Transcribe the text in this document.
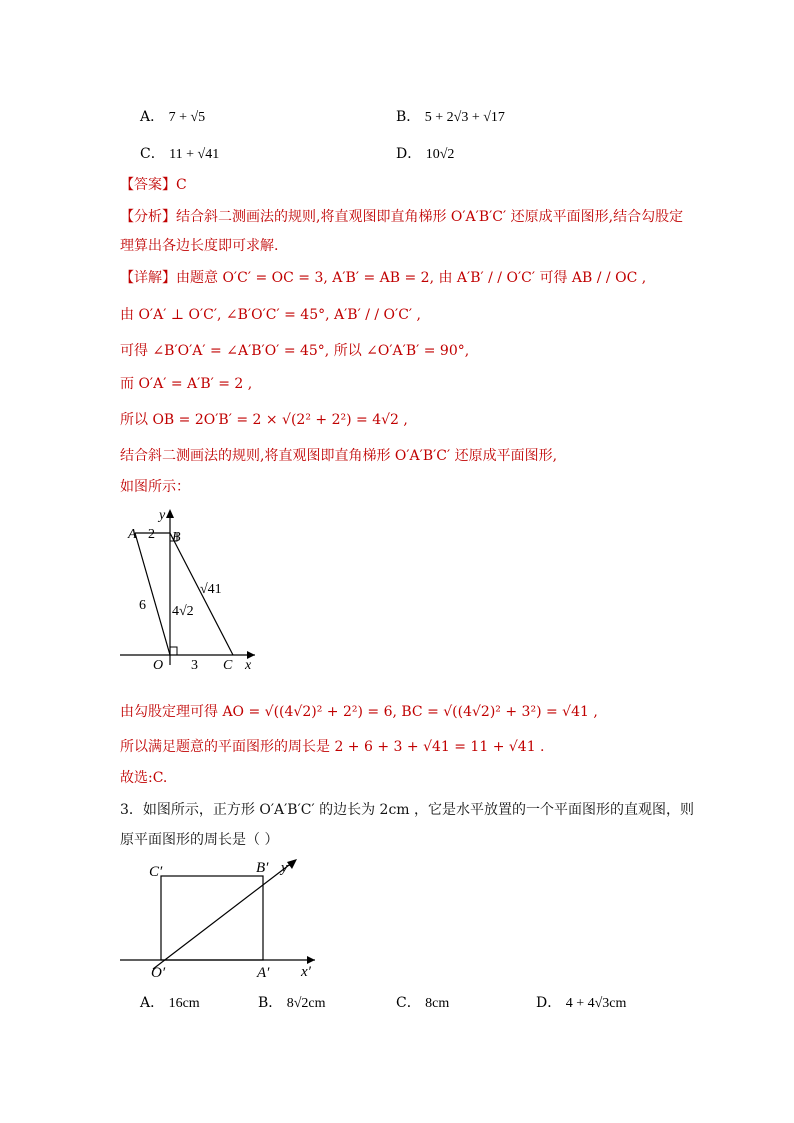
A． 7 + √5	B． 5 + 2√3 + √17
C． 11 + √41	D． 10√2
【答案】C
【分析】结合斜二测画法的规则,将直观图即直角梯形 O′A′B′C′ 还原成平面图形,结合勾股定
理算出各边长度即可求解.
【详解】由题意 O′C′ = OC = 3, A′B′ = AB = 2, 由 A′B′ / / O′C′ 可得 AB / / OC ,
由 O′A′ ⊥ O′C′, ∠B′O′C′ = 45°, A′B′ / / O′C′ ,
可得 ∠B′O′A′ = ∠A′B′O′ = 45°, 所以 ∠O′A′B′ = 90°,
而 O′A′ = A′B′ = 2 ,
所以 OB = 2O′B′ = 2 × √(2² + 2²) = 4√2 ,
结合斜二测画法的规则,将直观图即直角梯形 O′A′B′C′ 还原成平面图形,
如图所示：
A 2 B
y
6 4√2
√41
O 3 C x
由勾股定理可得 AO = √((4√2)² + 2²) = 6, BC = √((4√2)² + 3²) = √41 ,
所以满足题意的平面图形的周长是 2 + 6 + 3 + √41 = 11 + √41 .
故选:C.
3．如图所示，正方形 O′A′B′C′ 的边长为 2cm ，它是水平放置的一个平面图形的直观图，则
原平面图形的周长是（ ）
C′	B′ y′
O′	A′ x′
A． 16cm	B． 8√2cm	C． 8cm	D． 4 + 4√3cm
